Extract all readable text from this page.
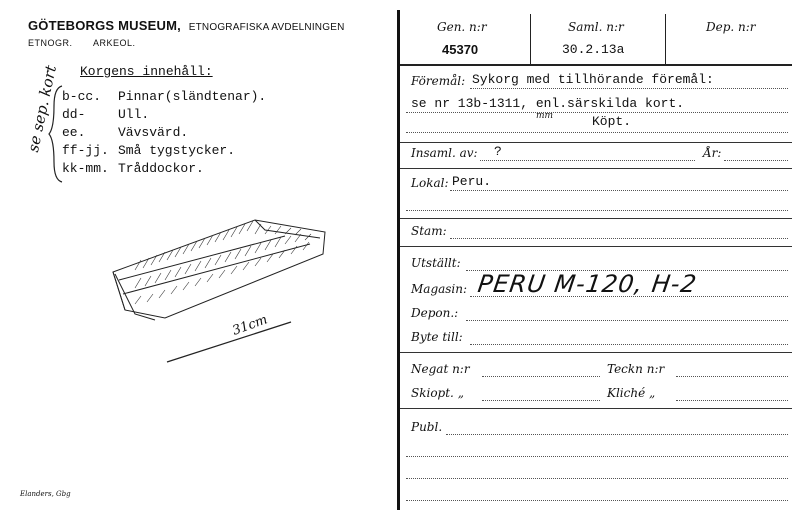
GÖTEBORGS MUSEUM, ETNOGRAFISKA AVDELNINGEN
ETNOGR. ARKEOL.
Korgens innehåll:
b-cc.	Pinnar(sländtenar).
dd-	Ull.
ee.	Vävsvärd.
ff-jj. Små tygstycker.
kk-mm. Tråddockor.
se sep. kort
31cm
Elanders, Gbg
Gen. n:r	Saml. n:r	Dep. n:r
45370	30.2.13a
Föremål: Sykorg med tillhörande föremål:
se nr 13b-1311, enl.särskilda kort.
mm	Köpt.
Insaml. av: ?	År:
Lokal: Peru.
Stam:
Utställt:
Magasin: PERU M-120, H-2
Depon.:
Byte till:
Negat n:r	Teckn n:r
Skiopt. „	Kliché „
Publ.
